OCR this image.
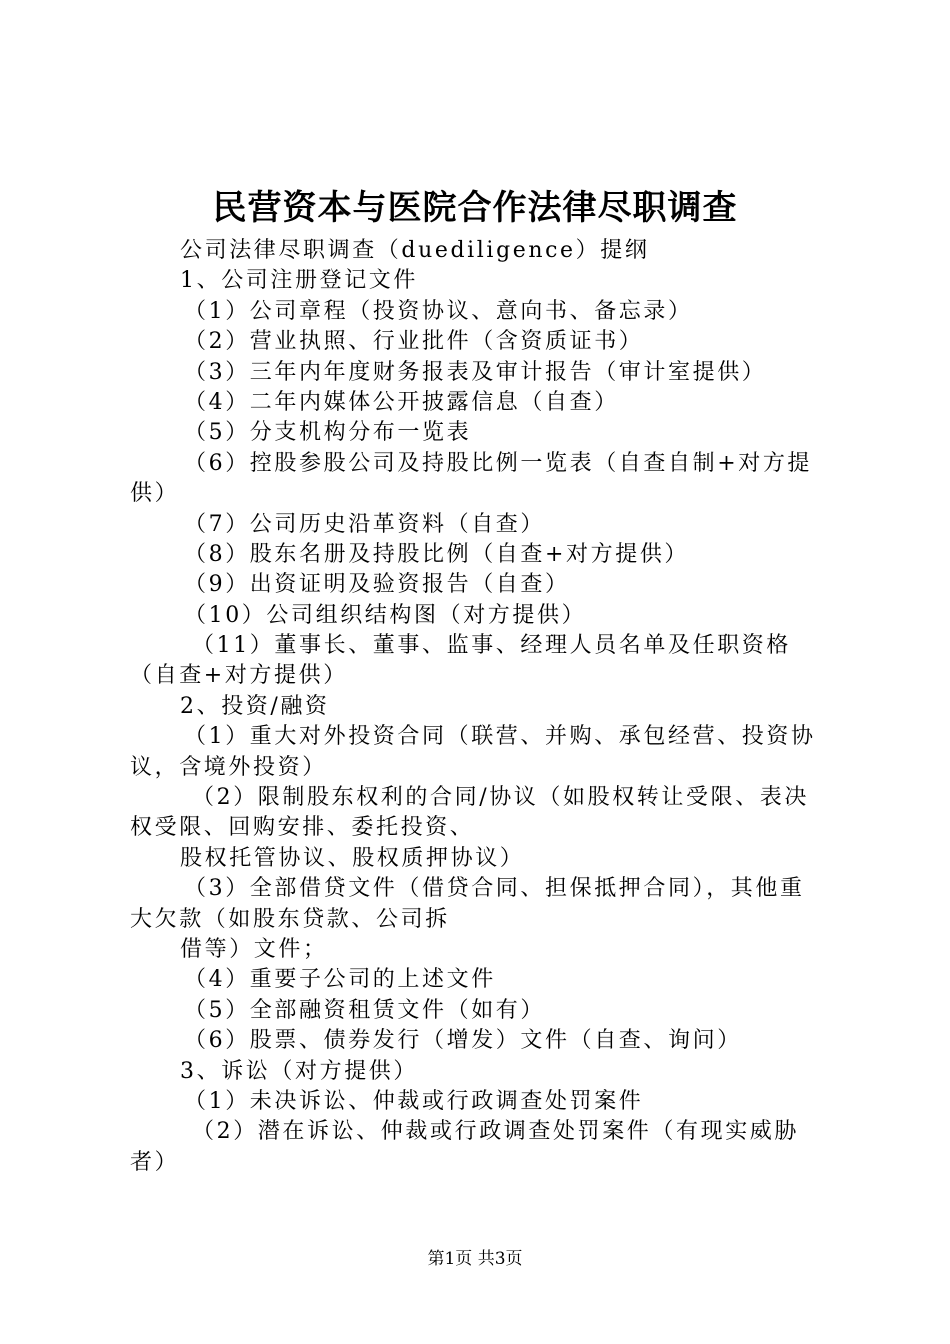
民营资本与医院合作法律尽职调查
公司法律尽职调查（duediligence）提纲
1、公司注册登记文件
（1）公司章程（投资协议、意向书、备忘录）
（2）营业执照、行业批件（含资质证书）
（3）三年内年度财务报表及审计报告（审计室提供）
（4）二年内媒体公开披露信息（自查）
（5）分支机构分布一览表
（6）控股参股公司及持股比例一览表（自查自制+对方提
供）
（7）公司历史沿革资料（自查）
（8）股东名册及持股比例（自查+对方提供）
（9）出资证明及验资报告（自查）
（10）公司组织结构图（对方提供）
（11）董事长、董事、监事、经理人员名单及任职资格
（自查+对方提供）
2、投资/融资
（1）重大对外投资合同（联营、并购、承包经营、投资协
议，含境外投资）
（2）限制股东权利的合同/协议（如股权转让受限、表决
权受限、回购安排、委托投资、
股权托管协议、股权质押协议）
（3）全部借贷文件（借贷合同、担保抵押合同），其他重
大欠款（如股东贷款、公司拆
借等）文件；
（4）重要子公司的上述文件
（5）全部融资租赁文件（如有）
（6）股票、债券发行（增发）文件（自查、询问）
3、诉讼（对方提供）
（1）未决诉讼、仲裁或行政调查处罚案件
（2）潜在诉讼、仲裁或行政调查处罚案件（有现实威胁
者）
第1页 共3页
